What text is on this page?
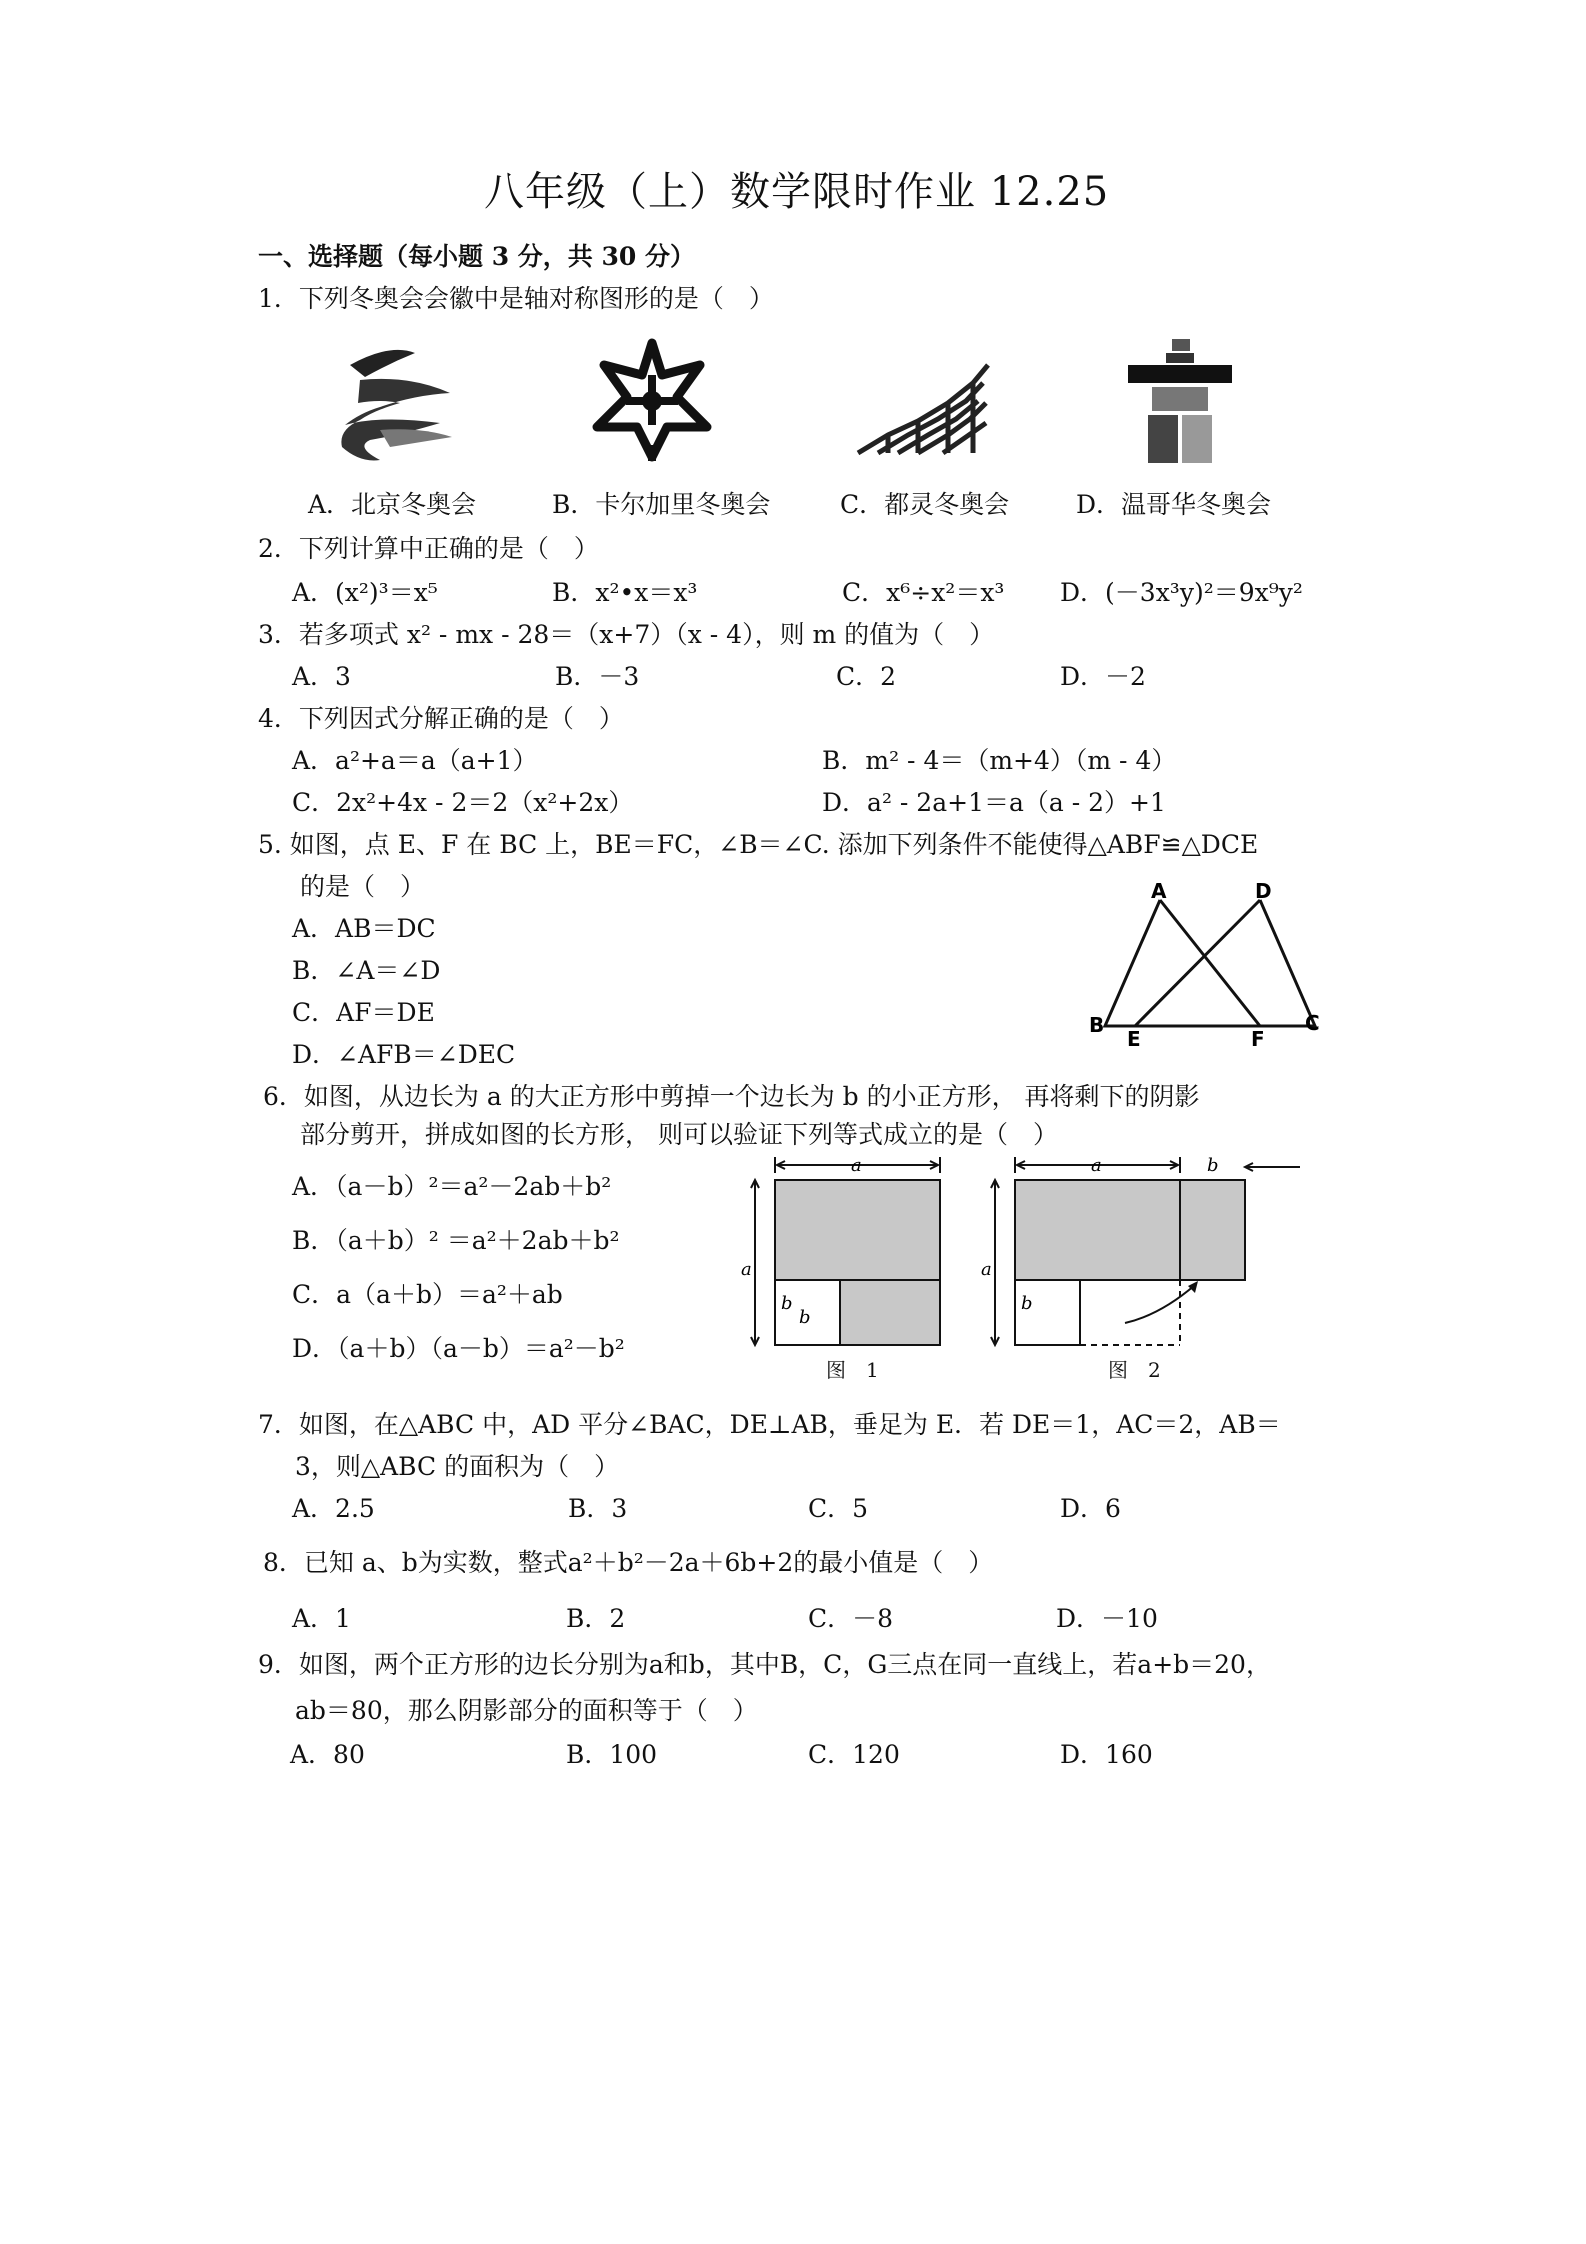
八年级（上）数学限时作业 12.25
一、选择题（每小题 3 分，共 30 分）
1．下列冬奥会会徽中是轴对称图形的是（　）
A．北京冬奥会	B．卡尔加里冬奥会	C．都灵冬奥会	D．温哥华冬奥会
2．下列计算中正确的是（　）
A．(x²)³＝x⁵	B．x²•x＝x³	C．x⁶÷x²＝x³ D．(－3x³y)²＝9x⁹y²
3．若多项式 x² - mx - 28＝（x+7）（x - 4），则 m 的值为（　）
A．3	B．－3	C．2	D．－2
4．下列因式分解正确的是（　）
A．a²+a＝a（a+1）	B．m² - 4＝（m+4）（m - 4）
C．2x²+4x - 2＝2（x²+2x）	D．a² - 2a+1＝a（a - 2）+1
5. 如图，点 E、F 在 BC 上，BE＝FC，∠B＝∠C. 添加下列条件不能使得△ABF≌△DCE
的是（　）
A．AB＝DC
B．∠A＝∠D
C．AF＝DE
D．∠AFB＝∠DEC
A	D
B
E	F
C
6．如图，从边长为 a 的大正方形中剪掉一个边长为 b 的小正方形， 再将剩下的阴影
部分剪开，拼成如图的长方形， 则可以验证下列等式成立的是（　）
A．（a－b）²＝a²－2ab＋b²
B．（a＋b）² ＝a²＋2ab＋b²
C．a（a＋b）＝a²＋ab
D．（a＋b）（a－b）＝a²－b²
a
a
b
b
图　1
a	b
a
b
图　2
7．如图，在△ABC 中，AD 平分∠BAC，DE⊥AB，垂足为 E．若 DE＝1，AC＝2，AB＝
3，则△ABC 的面积为（　）
A．2.5	B．3	C．5	D．6
8．已知 a、b为实数，整式a²＋b²－2a＋6b+2的最小值是（　）
A．1	B．2	C．－8	D．－10
9．如图，两个正方形的边长分别为a和b，其中B，C，G三点在同一直线上，若a+b＝20，
ab＝80，那么阴影部分的面积等于（　）
A．80	B．100	C．120	D．160
